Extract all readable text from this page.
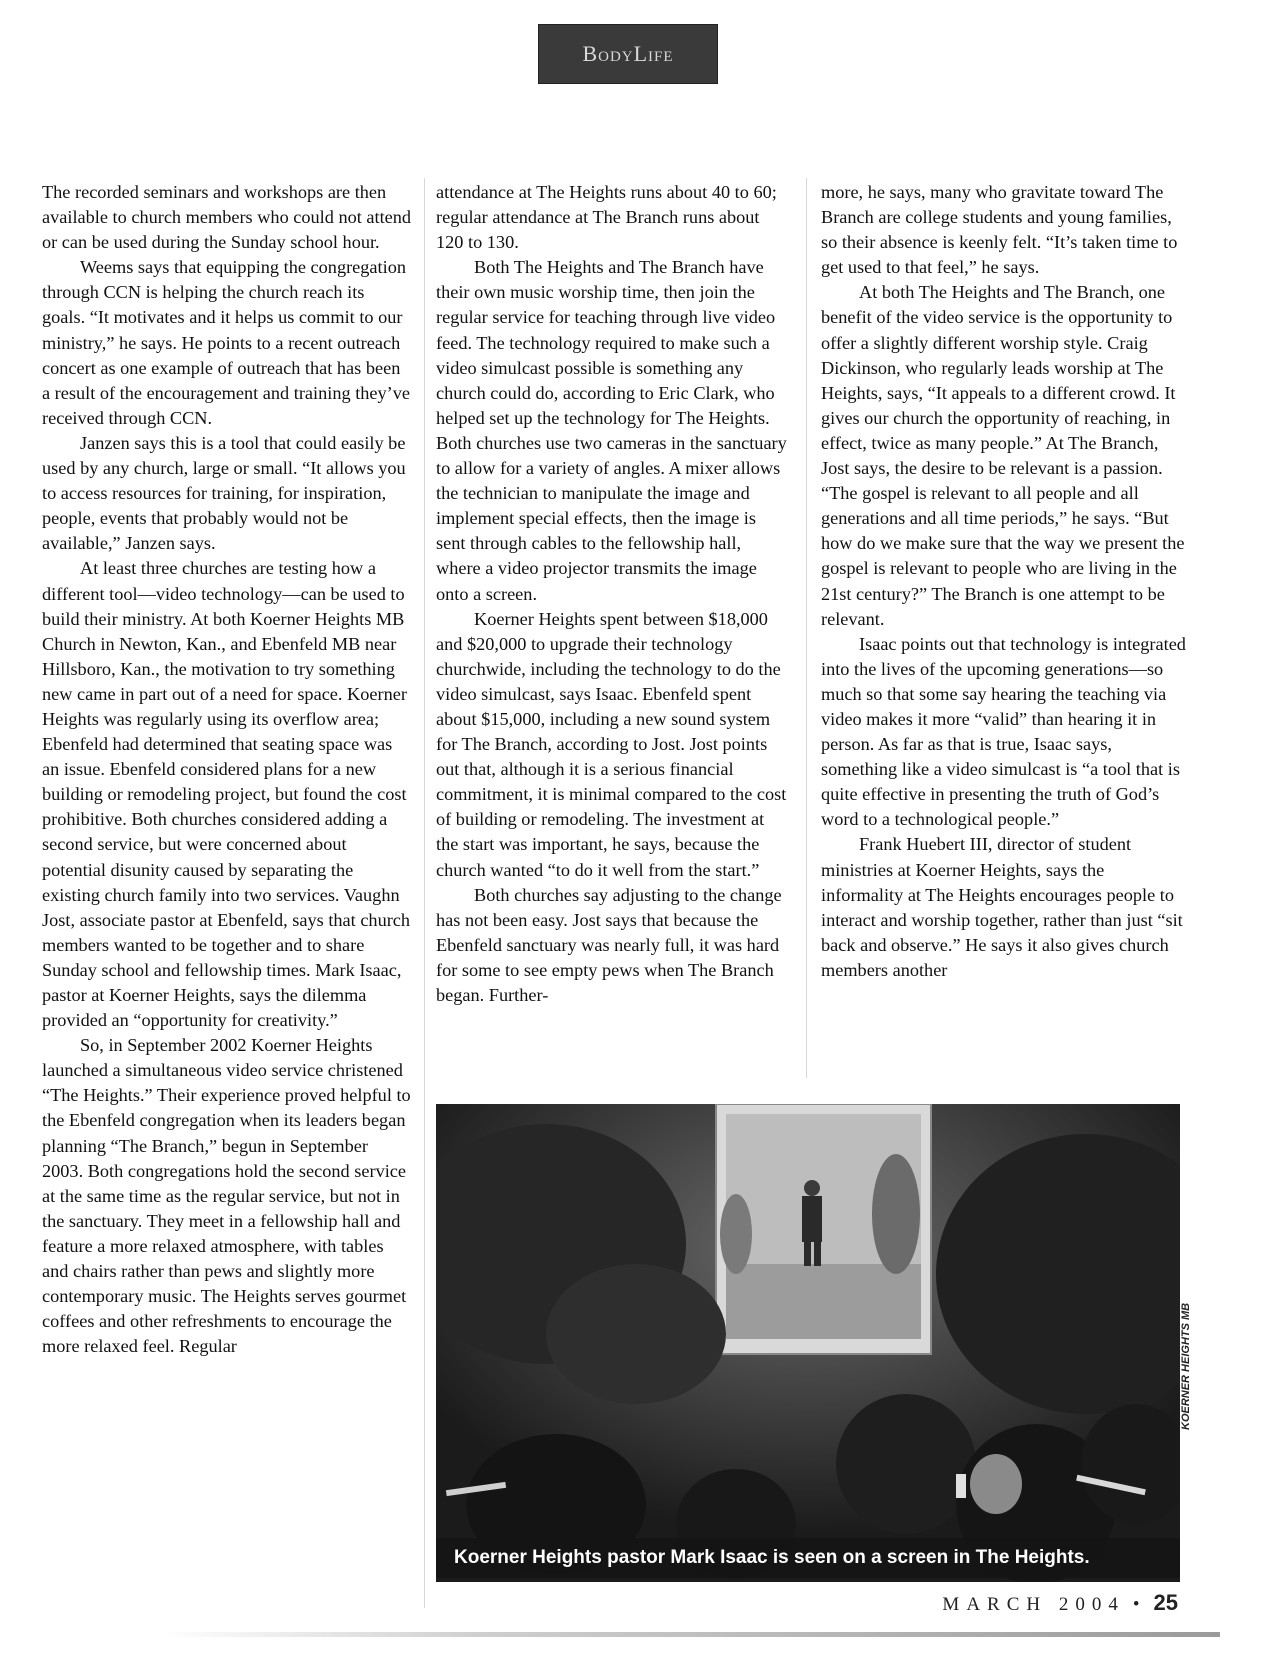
BodyLife

The recorded seminars and workshops are then available to church members who could not attend or can be used during the Sunday school hour.

Weems says that equipping the congregation through CCN is helping the church reach its goals. “It motivates and it helps us commit to our ministry,” he says. He points to a recent outreach concert as one example of outreach that has been a result of the encouragement and training they’ve received through CCN.

Janzen says this is a tool that could easily be used by any church, large or small. “It allows you to access resources for training, for inspiration, people, events that probably would not be available,” Janzen says.

At least three churches are testing how a different tool—video technology—can be used to build their ministry. At both Koerner Heights MB Church in Newton, Kan., and Ebenfeld MB near Hillsboro, Kan., the motivation to try something new came in part out of a need for space. Koerner Heights was regularly using its overflow area; Ebenfeld had determined that seating space was an issue. Ebenfeld considered plans for a new building or remodeling project, but found the cost prohibitive. Both churches considered adding a second service, but were concerned about potential disunity caused by separating the existing church family into two services. Vaughn Jost, associate pastor at Ebenfeld, says that church members wanted to be together and to share Sunday school and fellowship times. Mark Isaac, pastor at Koerner Heights, says the dilemma provided an “opportunity for creativity.”

So, in September 2002 Koerner Heights launched a simultaneous video service christened “The Heights.” Their experience proved helpful to the Ebenfeld congregation when its leaders began planning “The Branch,” begun in September 2003. Both congregations hold the second service at the same time as the regular service, but not in the sanctuary. They meet in a fellowship hall and feature a more relaxed atmosphere, with tables and chairs rather than pews and slightly more contemporary music. The Heights serves gourmet coffees and other refreshments to encourage the more relaxed feel. Regular

attendance at The Heights runs about 40 to 60; regular attendance at The Branch runs about 120 to 130.

Both The Heights and The Branch have their own music worship time, then join the regular service for teaching through live video feed. The technology required to make such a video simulcast possible is something any church could do, according to Eric Clark, who helped set up the technology for The Heights. Both churches use two cameras in the sanctuary to allow for a variety of angles. A mixer allows the technician to manipulate the image and implement special effects, then the image is sent through cables to the fellowship hall, where a video projector transmits the image onto a screen.

Koerner Heights spent between $18,000 and $20,000 to upgrade their technology churchwide, including the technology to do the video simulcast, says Isaac. Ebenfeld spent about $15,000, including a new sound system for The Branch, according to Jost. Jost points out that, although it is a serious financial commitment, it is minimal compared to the cost of building or remodeling. The investment at the start was important, he says, because the church wanted “to do it well from the start.”

Both churches say adjusting to the change has not been easy. Jost says that because the Ebenfeld sanctuary was nearly full, it was hard for some to see empty pews when The Branch began. Further-

more, he says, many who gravitate toward The Branch are college students and young families, so their absence is keenly felt. “It’s taken time to get used to that feel,” he says.

At both The Heights and The Branch, one benefit of the video service is the opportunity to offer a slightly different worship style. Craig Dickinson, who regularly leads worship at The Heights, says, “It appeals to a different crowd. It gives our church the opportunity of reaching, in effect, twice as many people.” At The Branch, Jost says, the desire to be relevant is a passion. “The gospel is relevant to all people and all generations and all time periods,” he says. “But how do we make sure that the way we present the gospel is relevant to people who are living in the 21st century?” The Branch is one attempt to be relevant.

Isaac points out that technology is integrated into the lives of the upcoming generations—so much so that some say hearing the teaching via video makes it more “valid” than hearing it in person. As far as that is true, Isaac says, something like a video simulcast is “a tool that is quite effective in presenting the truth of God’s word to a technological people.”

Frank Huebert III, director of student ministries at Koerner Heights, says the informality at The Heights encourages people to interact and worship together, rather than just “sit back and observe.” He says it also gives church members another

Koerner Heights pastor Mark Isaac is seen on a screen in The Heights.
KOERNER HEIGHTS MB
MARCH 2004 • 25
